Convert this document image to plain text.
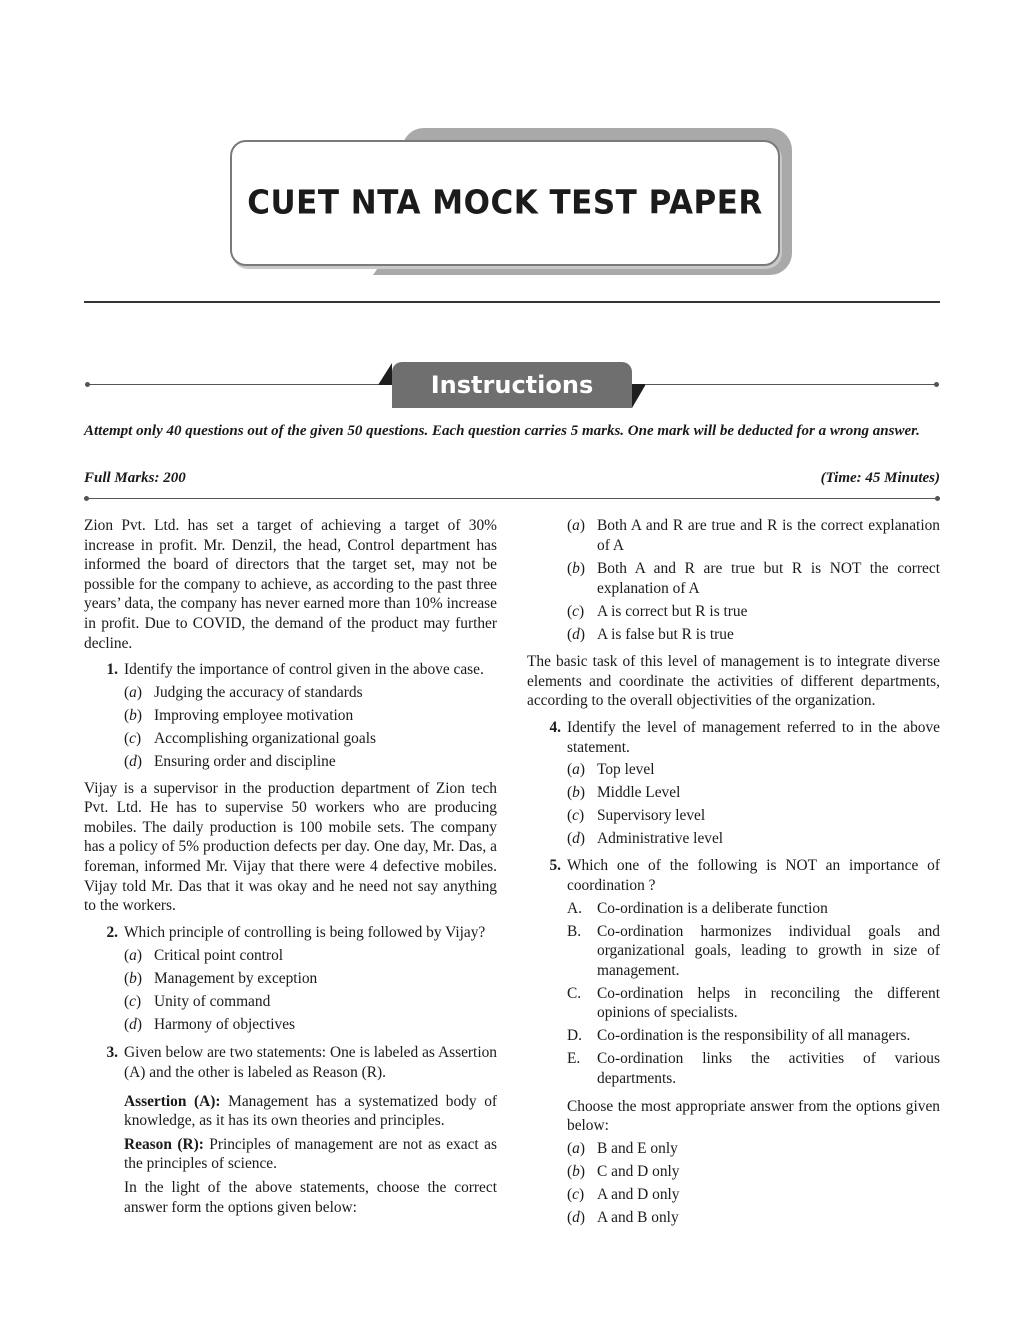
CUET NTA MOCK TEST PAPER
Instructions

Attempt only 40 questions out of the given 50 questions. Each question carries 5 marks. One mark will be deducted for a wrong answer.

Full Marks: 200	(Time: 45 Minutes)

Zion Pvt. Ltd. has set a target of achieving a target of 30% increase in profit. Mr. Denzil, the head, Control department has informed the board of directors that the target set, may not be possible for the company to achieve, as according to the past three years’ data, the company has never earned more than 10% increase in profit. Due to COVID, the demand of the product may further decline.

1. Identify the importance of control given in the above case.
(a) Judging the accuracy of standards
(b) Improving employee motivation
(c) Accomplishing organizational goals
(d) Ensuring order and discipline

Vijay is a supervisor in the production department of Zion tech Pvt. Ltd. He has to supervise 50 workers who are producing mobiles. The daily production is 100 mobile sets. The company has a policy of 5% production defects per day. One day, Mr. Das, a foreman, informed Mr. Vijay that there were 4 defective mobiles. Vijay told Mr. Das that it was okay and he need not say anything to the workers.

2. Which principle of controlling is being followed by Vijay?
(a) Critical point control
(b) Management by exception
(c) Unity of command
(d) Harmony of objectives
3. Given below are two statements: One is labeled as Assertion (A) and the other is labeled as Reason (R).

Assertion (A): Management has a systematized body of knowledge, as it has its own theories and principles.

Reason (R): Principles of management are not as exact as the principles of science.

In the light of the above statements, choose the correct answer form the options given below:

(a) Both A and R are true and R is the correct explanation of A
(b) Both A and R are true but R is NOT the correct explanation of A
(c) A is correct but R is true
(d) A is false but R is true

The basic task of this level of management is to integrate diverse elements and coordinate the activities of different departments, according to the overall objectivities of the organization.

4. Identify the level of management referred to in the above statement.
(a) Top level
(b) Middle Level
(c) Supervisory level
(d) Administrative level
5. Which one of the following is NOT an importance of coordination ?
A. Co-ordination is a deliberate function
B.	Co-ordination harmonizes individual goals and organizational goals, leading to growth in size of management.
C.	Co-ordination helps in reconciling the different opinions of specialists.
D. Co-ordination is the responsibility of all managers.
E.	Co-ordination links the activities of various departments.

Choose the most appropriate answer from the options given below:

(a) B and E only
(b) C and D only
(c) A and D only
(d) A and B only
